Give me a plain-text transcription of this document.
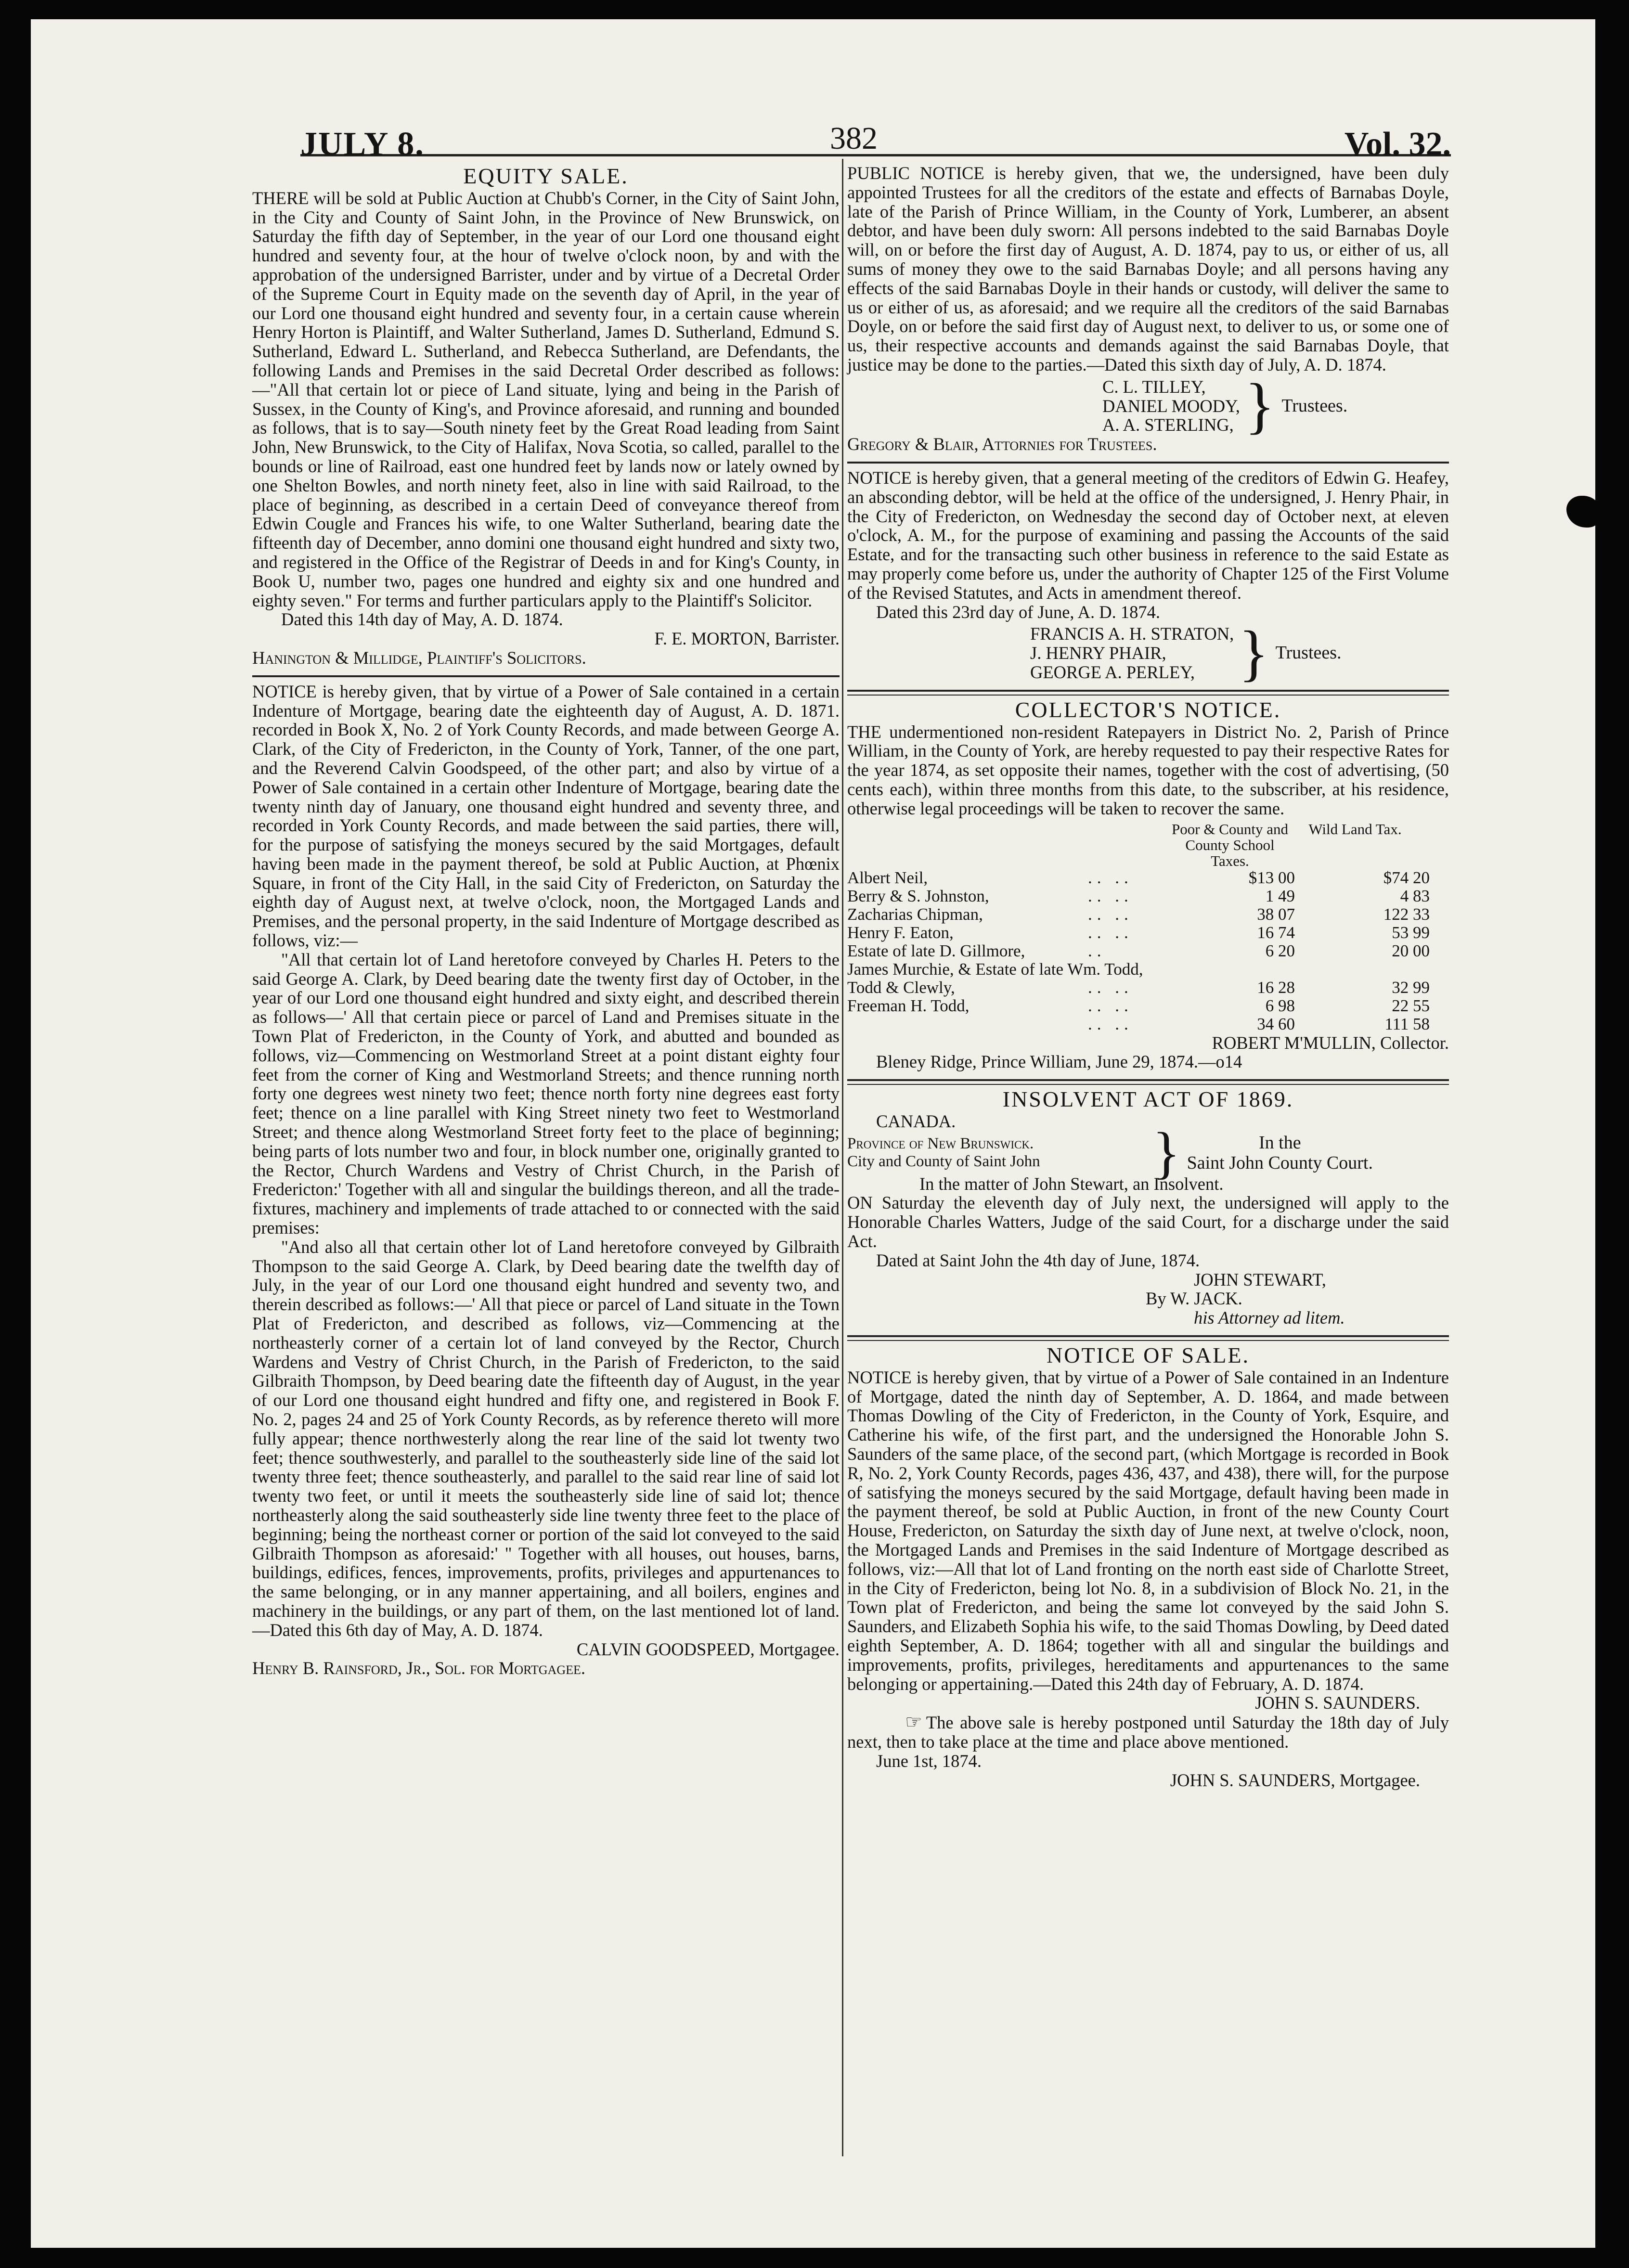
JULY 8.	382	Vol. 32.
EQUITY SALE.

THERE will be sold at Public Auction at Chubb's Corner, in the City of Saint John, in the City and County of Saint John, in the Province of New Brunswick, on Saturday the fifth day of September, in the year of our Lord one thousand eight hundred and seventy four, at the hour of twelve o'clock noon, by and with the approbation of the undersigned Barrister, under and by virtue of a Decretal Order of the Supreme Court in Equity made on the seventh day of April, in the year of our Lord one thousand eight hundred and seventy four, in a certain cause wherein Henry Horton is Plaintiff, and Walter Sutherland, James D. Sutherland, Edmund S. Sutherland, Edward L. Sutherland, and Rebecca Sutherland, are Defendants, the following Lands and Premises in the said Decretal Order described as follows:—"All that certain lot or piece of Land situate, lying and being in the Parish of Sussex, in the County of King's, and Province aforesaid, and running and bounded as follows, that is to say—South ninety feet by the Great Road leading from Saint John, New Brunswick, to the City of Halifax, Nova Scotia, so called, parallel to the bounds or line of Railroad, east one hundred feet by lands now or lately owned by one Shelton Bowles, and north ninety feet, also in line with said Railroad, to the place of beginning, as described in a certain Deed of conveyance thereof from Edwin Cougle and Frances his wife, to one Walter Sutherland, bearing date the fifteenth day of December, anno domini one thousand eight hundred and sixty two, and registered in the Office of the Registrar of Deeds in and for King's County, in Book U, number two, pages one hundred and eighty six and one hundred and eighty seven." For terms and further particulars apply to the Plaintiff's Solicitor.

Dated this 14th day of May, A. D. 1874.

F. E. MORTON, Barrister.

Hanington & Millidge, Plaintiff's Solicitors.

NOTICE is hereby given, that by virtue of a Power of Sale contained in a certain Indenture of Mortgage, bearing date the eighteenth day of August, A. D. 1871. recorded in Book X, No. 2 of York County Records, and made between George A. Clark, of the City of Fredericton, in the County of York, Tanner, of the one part, and the Reverend Calvin Goodspeed, of the other part; and also by virtue of a Power of Sale contained in a certain other Indenture of Mortgage, bearing date the twenty ninth day of January, one thousand eight hundred and seventy three, and recorded in York County Records, and made between the said parties, there will, for the purpose of satisfying the moneys secured by the said Mortgages, default having been made in the payment thereof, be sold at Public Auction, at Phœnix Square, in front of the City Hall, in the said City of Fredericton, on Saturday the eighth day of August next, at twelve o'clock, noon, the Mortgaged Lands and Premises, and the personal property, in the said Indenture of Mortgage described as follows, viz:—

"All that certain lot of Land heretofore conveyed by Charles H. Peters to the said George A. Clark, by Deed bearing date the twenty first day of October, in the year of our Lord one thousand eight hundred and sixty eight, and described therein as follows—' All that certain piece or parcel of Land and Premises situate in the Town Plat of Fredericton, in the County of York, and abutted and bounded as follows, viz—Commencing on Westmorland Street at a point distant eighty four feet from the corner of King and Westmorland Streets; and thence running north forty one degrees west ninety two feet; thence north forty nine degrees east forty feet; thence on a line parallel with King Street ninety two feet to Westmorland Street; and thence along Westmorland Street forty feet to the place of beginning; being parts of lots number two and four, in block number one, originally granted to the Rector, Church Wardens and Vestry of Christ Church, in the Parish of Fredericton:' Together with all and singular the buildings thereon, and all the trade-fixtures, machinery and implements of trade attached to or connected with the said premises:

"And also all that certain other lot of Land heretofore conveyed by Gilbraith Thompson to the said George A. Clark, by Deed bearing date the twelfth day of July, in the year of our Lord one thousand eight hundred and seventy two, and therein described as follows:—' All that piece or parcel of Land situate in the Town Plat of Fredericton, and described as follows, viz—Commencing at the northeasterly corner of a certain lot of land conveyed by the Rector, Church Wardens and Vestry of Christ Church, in the Parish of Fredericton, to the said Gilbraith Thompson, by Deed bearing date the fifteenth day of August, in the year of our Lord one thousand eight hundred and fifty one, and registered in Book F. No. 2, pages 24 and 25 of York County Records, as by reference thereto will more fully appear; thence northwesterly along the rear line of the said lot twenty two feet; thence southwesterly, and parallel to the southeasterly side line of the said lot twenty three feet; thence southeasterly, and parallel to the said rear line of said lot twenty two feet, or until it meets the southeasterly side line of said lot; thence northeasterly along the said southeasterly side line twenty three feet to the place of beginning; being the northeast corner or portion of the said lot conveyed to the said Gilbraith Thompson as aforesaid:' " Together with all houses, out houses, barns, buildings, edifices, fences, improvements, profits, privileges and appurtenances to the same belonging, or in any manner appertaining, and all boilers, engines and machinery in the buildings, or any part of them, on the last mentioned lot of land.—Dated this 6th day of May, A. D. 1874.

CALVIN GOODSPEED, Mortgagee.

Henry B. Rainsford, Jr., Sol. for Mortgagee.

PUBLIC NOTICE is hereby given, that we, the undersigned, have been duly appointed Trustees for all the creditors of the estate and effects of Barnabas Doyle, late of the Parish of Prince William, in the County of York, Lumberer, an absent debtor, and have been duly sworn: All persons indebted to the said Barnabas Doyle will, on or before the first day of August, A. D. 1874, pay to us, or either of us, all sums of money they owe to the said Barnabas Doyle; and all persons having any effects of the said Barnabas Doyle in their hands or custody, will deliver the same to us or either of us, as aforesaid; and we require all the creditors of the said Barnabas Doyle, on or before the said first day of August next, to deliver to us, or some one of us, their respective accounts and demands against the said Barnabas Doyle, that justice may be done to the parties.—Dated this sixth day of July, A. D. 1874.

C. L. TILLEY,
DANIEL MOODY,
A. A. STERLING, } Trustees.

Gregory & Blair, Attornies for Trustees.

NOTICE is hereby given, that a general meeting of the creditors of Edwin G. Heafey, an absconding debtor, will be held at the office of the undersigned, J. Henry Phair, in the City of Fredericton, on Wednesday the second day of October next, at eleven o'clock, A. M., for the purpose of examining and passing the Accounts of the said Estate, and for the transacting such other business in reference to the said Estate as may properly come before us, under the authority of Chapter 125 of the First Volume of the Revised Statutes, and Acts in amendment thereof.

Dated this 23rd day of June, A. D. 1874.

FRANCIS A. H. STRATON,
J. HENRY PHAIR,
GEORGE A. PERLEY, } Trustees.
COLLECTOR'S NOTICE.

THE undermentioned non-resident Ratepayers in District No. 2, Parish of Prince William, in the County of York, are hereby requested to pay their respective Rates for the year 1874, as set opposite their names, together with the cost of advertising, (50 cents each), within three months from this date, to the subscriber, at his residence, otherwise legal proceedings will be taken to recover the same.

Poor & County and County School Taxes.
Wild Land Tax.
Albert Neil,	.. ..	$13 00	$74 20
Berry & S. Johnston,	.. ..	1 49	4 83
Zacharias Chipman,	.. ..	38 07	122 33
Henry F. Eaton,	.. ..	16 74	53 99
Estate of late D. Gillmore,	..	6 20	20 00
James Murchie, & Estate of late Wm. Todd,			
Todd & Clewly,	.. ..	16 28	32 99
Freeman H. Todd,	.. ..	6 98	22 55
	.. ..	34 60	111 58

ROBERT M'MULLIN, Collector.

Bleney Ridge, Prince William, June 29, 1874.—o14

INSOLVENT ACT OF 1869.

CANADA.

Province of New Brunswick.
City and County of Saint John	}	In the
Saint John County Court.

In the matter of John Stewart, an Insolvent.

ON Saturday the eleventh day of July next, the undersigned will apply to the Honorable Charles Watters, Judge of the said Court, for a discharge under the said Act.

Dated at Saint John the 4th day of June, 1874.

JOHN STEWART,

By W. JACK.

his Attorney ad litem.

NOTICE OF SALE.

NOTICE is hereby given, that by virtue of a Power of Sale contained in an Indenture of Mortgage, dated the ninth day of September, A. D. 1864, and made between Thomas Dowling of the City of Fredericton, in the County of York, Esquire, and Catherine his wife, of the first part, and the undersigned the Honorable John S. Saunders of the same place, of the second part, (which Mortgage is recorded in Book R, No. 2, York County Records, pages 436, 437, and 438), there will, for the purpose of satisfying the moneys secured by the said Mortgage, default having been made in the payment thereof, be sold at Public Auction, in front of the new County Court House, Fredericton, on Saturday the sixth day of June next, at twelve o'clock, noon, the Mortgaged Lands and Premises in the said Indenture of Mortgage described as follows, viz:—All that lot of Land fronting on the north east side of Charlotte Street, in the City of Fredericton, being lot No. 8, in a subdivision of Block No. 21, in the Town plat of Fredericton, and being the same lot conveyed by the said John S. Saunders, and Elizabeth Sophia his wife, to the said Thomas Dowling, by Deed dated eighth September, A. D. 1864; together with all and singular the buildings and improvements, profits, privileges, hereditaments and appurtenances to the same belonging or appertaining.—Dated this 24th day of February, A. D. 1874.

JOHN S. SAUNDERS.

☞ The above sale is hereby postponed until Saturday the 18th day of July next, then to take place at the time and place above mentioned.

June 1st, 1874.

JOHN S. SAUNDERS, Mortgagee.
